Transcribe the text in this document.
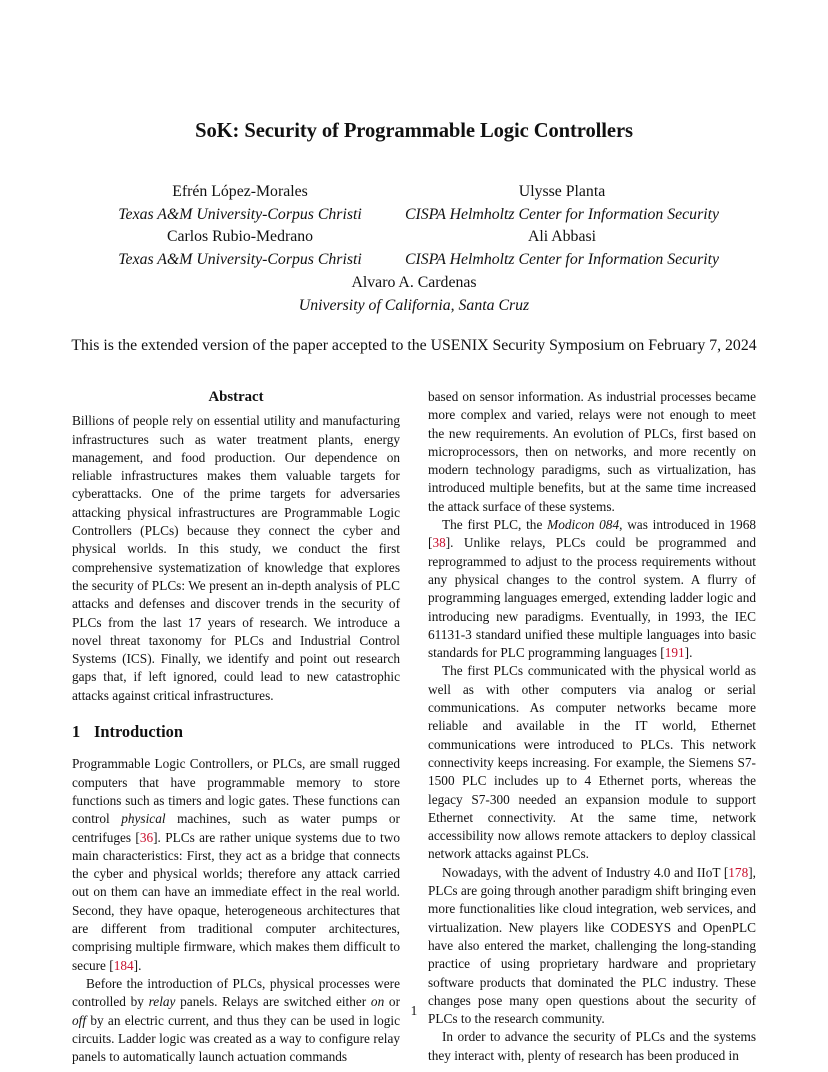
SoK: Security of Programmable Logic Controllers
Efrén López-Morales
Texas A&M University-Corpus Christi
Ulysse Planta
CISPA Helmholtz Center for Information Security
Carlos Rubio-Medrano
Texas A&M University-Corpus Christi
Ali Abbasi
CISPA Helmholtz Center for Information Security
Alvaro A. Cardenas
University of California, Santa Cruz
This is the extended version of the paper accepted to the USENIX Security Symposium on February 7, 2024
Abstract

Billions of people rely on essential utility and manufacturing infrastructures such as water treatment plants, energy management, and food production. Our dependence on reliable infrastructures makes them valuable targets for cyberattacks. One of the prime targets for adversaries attacking physical infrastructures are Programmable Logic Controllers (PLCs) because they connect the cyber and physical worlds. In this study, we conduct the first comprehensive systematization of knowledge that explores the security of PLCs: We present an in-depth analysis of PLC attacks and defenses and discover trends in the security of PLCs from the last 17 years of research. We introduce a novel threat taxonomy for PLCs and Industrial Control Systems (ICS). Finally, we identify and point out research gaps that, if left ignored, could lead to new catastrophic attacks against critical infrastructures.

1 Introduction

Programmable Logic Controllers, or PLCs, are small rugged computers that have programmable memory to store functions such as timers and logic gates. These functions can control physical machines, such as water pumps or centrifuges [36]. PLCs are rather unique systems due to two main characteristics: First, they act as a bridge that connects the cyber and physical worlds; therefore any attack carried out on them can have an immediate effect in the real world. Second, they have opaque, heterogeneous architectures that are different from traditional computer architectures, comprising multiple firmware, which makes them difficult to secure [184].

Before the introduction of PLCs, physical processes were controlled by relay panels. Relays are switched either on or off by an electric current, and thus they can be used in logic circuits. Ladder logic was created as a way to configure relay panels to automatically launch actuation commands

based on sensor information. As industrial processes became more complex and varied, relays were not enough to meet the new requirements. An evolution of PLCs, first based on microprocessors, then on networks, and more recently on modern technology paradigms, such as virtualization, has introduced multiple benefits, but at the same time increased the attack surface of these systems.

The first PLC, the Modicon 084, was introduced in 1968 [38]. Unlike relays, PLCs could be programmed and reprogrammed to adjust to the process requirements without any physical changes to the control system. A flurry of programming languages emerged, extending ladder logic and introducing new paradigms. Eventually, in 1993, the IEC 61131-3 standard unified these multiple languages into basic standards for PLC programming languages [191].

The first PLCs communicated with the physical world as well as with other computers via analog or serial communications. As computer networks became more reliable and available in the IT world, Ethernet communications were introduced to PLCs. This network connectivity keeps increasing. For example, the Siemens S7-1500 PLC includes up to 4 Ethernet ports, whereas the legacy S7-300 needed an expansion module to support Ethernet connectivity. At the same time, network accessibility now allows remote attackers to deploy classical network attacks against PLCs.

Nowadays, with the advent of Industry 4.0 and IIoT [178], PLCs are going through another paradigm shift bringing even more functionalities like cloud integration, web services, and virtualization. New players like CODESYS and OpenPLC have also entered the market, challenging the long-standing practice of using proprietary hardware and proprietary software products that dominated the PLC industry. These changes pose many open questions about the security of PLCs to the research community.

In order to advance the security of PLCs and the systems they interact with, plenty of research has been produced in

1
